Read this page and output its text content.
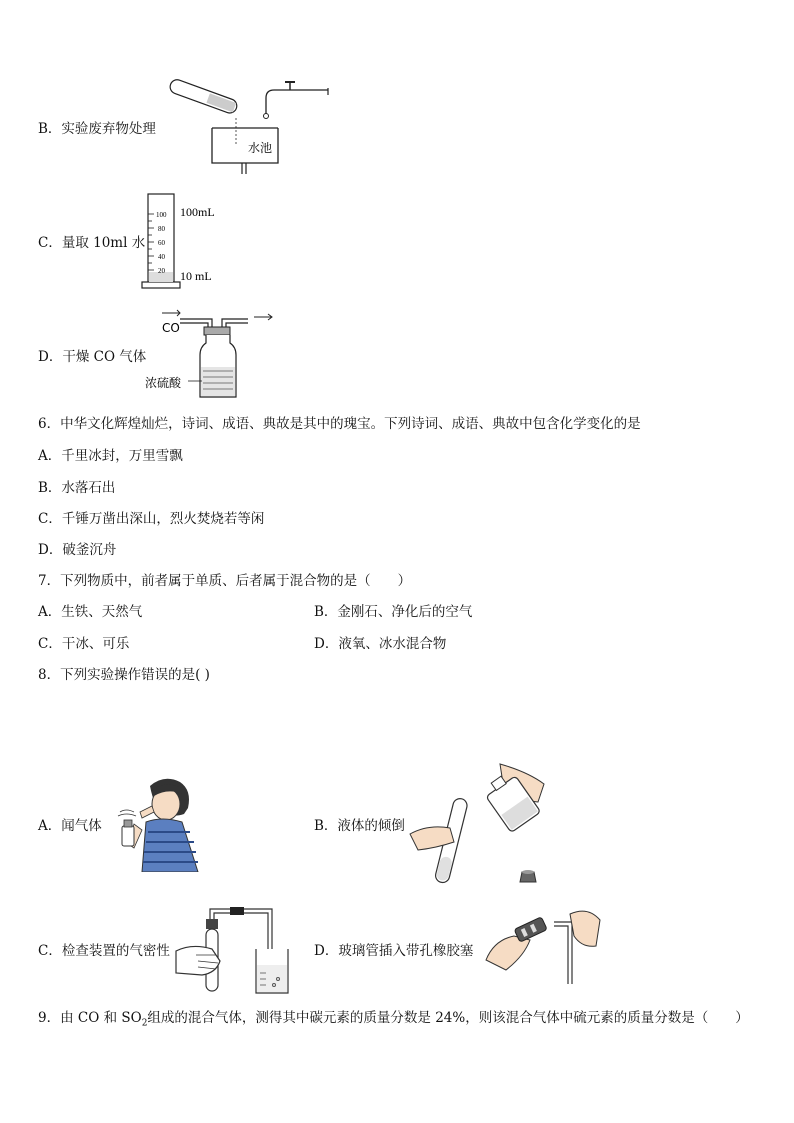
B．实验废弃物处理
水池
C．量取 10ml 水
100
80
60
40
20
100mL
10 mL
D．干燥 CO 气体
CO
浓硫酸
6．中华文化辉煌灿烂，诗词、成语、典故是其中的瑰宝。下列诗词、成语、典故中包含化学变化的是
A．千里冰封，万里雪飘
B．水落石出
C．千锤万凿出深山，烈火焚烧若等闲
D．破釜沉舟
7．下列物质中，前者属于单质、后者属于混合物的是（　　）
A．生铁、天然气	B．金刚石、净化后的空气
C．干冰、可乐	D．液氧、冰水混合物
8．下列实验操作错误的是( )
A．闻气体	B．液体的倾倒
C．检查装置的气密性	D．玻璃管插入带孔橡胶塞
9．由 CO 和 $SO_2$组成的混合气体，测得其中碳元素的质量分数是 24%，则该混合气体中硫元素的质量分数是（　　）
